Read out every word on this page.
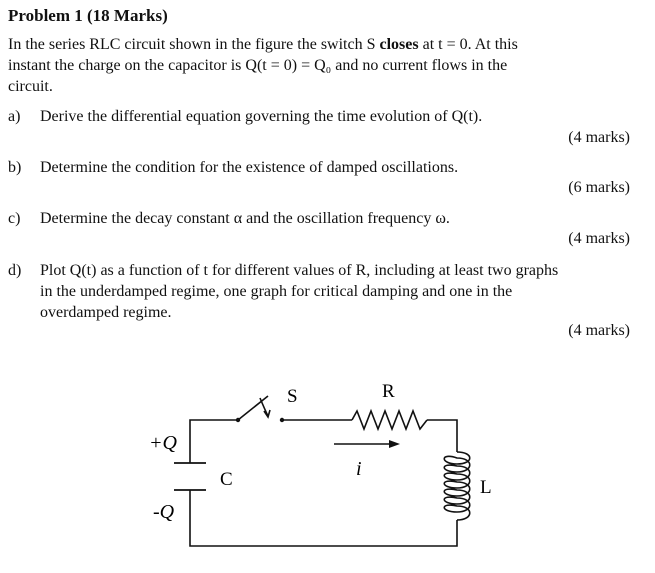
Problem 1 (18 Marks)
In the series RLC circuit shown in the figure the switch S closes at t = 0. At this
instant the charge on the capacitor is Q(t = 0) = Q₀ and no current flows in the
circuit.
a) Derive the differential equation governing the time evolution of Q(t).
(4 marks)
b) Determine the condition for the existence of damped oscillations.
(6 marks)
c) Determine the decay constant α and the oscillation frequency ω.
(4 marks)
d) Plot Q(t) as a function of t for different values of R, including at least two graphs
in the underdamped regime, one graph for critical damping and one in the
overdamped regime.
(4 marks)
S	R
i
C
+Q
-Q
L
